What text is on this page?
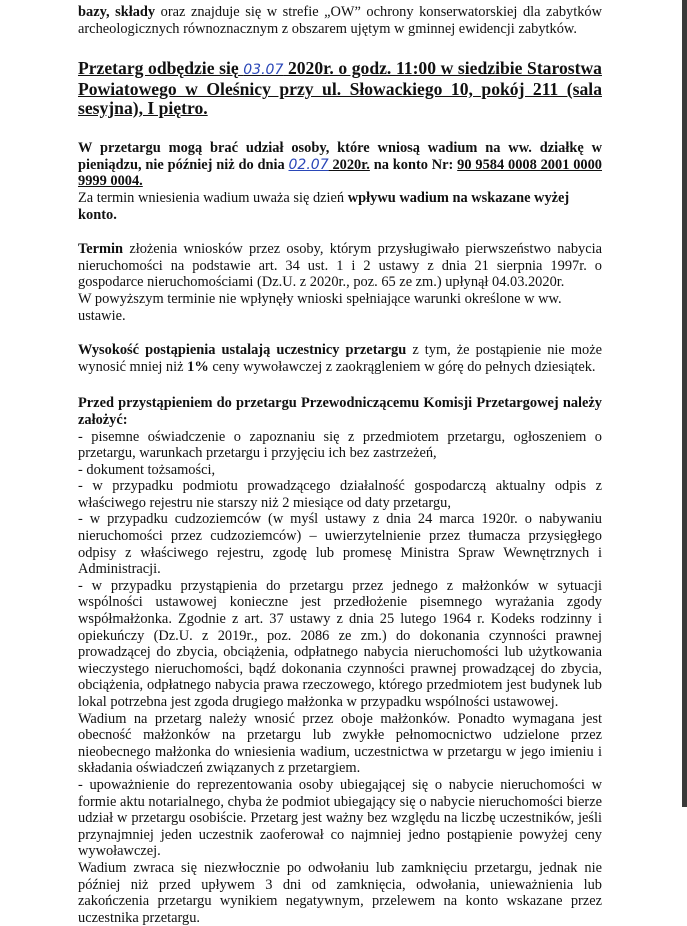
bazy, składy oraz znajduje się w strefie „OW” ochrony konserwatorskiej dla zabytków archeologicznych równoznacznym z obszarem ujętym w gminnej ewidencji zabytków.

Przetarg odbędzie się 03.07 2020r. o godz. 11:00 w siedzibie Starostwa Powiatowego w Oleśnicy przy ul. Słowackiego 10, pokój 211 (sala sesyjna), I piętro.

W przetargu mogą brać udział osoby, które wniosą wadium na ww. działkę w pieniądzu, nie później niż do dnia 02.07 2020r. na konto Nr: 90 9584 0008 2001 0000 9999 0004.

Za termin wniesienia wadium uważa się dzień wpływu wadium na wskazane wyżej konto.

Termin złożenia wniosków przez osoby, którym przysługiwało pierwszeństwo nabycia nieruchomości na podstawie art. 34 ust. 1 i 2 ustawy z dnia 21 sierpnia 1997r. o gospodarce nieruchomościami (Dz.U. z 2020r., poz. 65 ze zm.) upłynął 04.03.2020r.

W powyższym terminie nie wpłynęły wnioski spełniające warunki określone w ww. ustawie.

Wysokość postąpienia ustalają uczestnicy przetargu z tym, że postąpienie nie może wynosić mniej niż 1% ceny wywoławczej z zaokrągleniem w górę do pełnych dziesiątek.

Przed przystąpieniem do przetargu Przewodniczącemu Komisji Przetargowej należy założyć:

- pisemne oświadczenie o zapoznaniu się z przedmiotem przetargu, ogłoszeniem o przetargu, warunkach przetargu i przyjęciu ich bez zastrzeżeń,

- dokument tożsamości,

- w przypadku podmiotu prowadzącego działalność gospodarczą aktualny odpis z właściwego rejestru nie starszy niż 2 miesiące od daty przetargu,

- w przypadku cudzoziemców (w myśl ustawy z dnia 24 marca 1920r. o nabywaniu nieruchomości przez cudzoziemców) – uwierzytelnienie przez tłumacza przysięgłego odpisy z właściwego rejestru, zgodę lub promesę Ministra Spraw Wewnętrznych i Administracji.

- w przypadku przystąpienia do przetargu przez jednego z małżonków w sytuacji wspólności ustawowej konieczne jest przedłożenie pisemnego wyrażania zgody współmałżonka. Zgodnie z art. 37 ustawy z dnia 25 lutego 1964 r. Kodeks rodzinny i opiekuńczy (Dz.U. z 2019r., poz. 2086 ze zm.) do dokonania czynności prawnej prowadzącej do zbycia, obciążenia, odpłatnego nabycia nieruchomości lub użytkowania wieczystego nieruchomości, bądź dokonania czynności prawnej prowadzącej do zbycia, obciążenia, odpłatnego nabycia prawa rzeczowego, którego przedmiotem jest budynek lub lokal potrzebna jest zgoda drugiego małżonka w przypadku wspólności ustawowej.

Wadium na przetarg należy wnosić przez oboje małżonków. Ponadto wymagana jest obecność małżonków na przetargu lub zwykłe pełnomocnictwo udzielone przez nieobecnego małżonka do wniesienia wadium, uczestnictwa w przetargu w jego imieniu i składania oświadczeń związanych z przetargiem.

- upoważnienie do reprezentowania osoby ubiegającej się o nabycie nieruchomości w formie aktu notarialnego, chyba że podmiot ubiegający się o nabycie nieruchomości bierze udział w przetargu osobiście. Przetarg jest ważny bez względu na liczbę uczestników, jeśli przynajmniej jeden uczestnik zaoferował co najmniej jedno postąpienie powyżej ceny wywoławczej.

Wadium zwraca się niezwłocznie po odwołaniu lub zamknięciu przetargu, jednak nie później niż przed upływem 3 dni od zamknięcia, odwołania, unieważnienia lub zakończenia przetargu wynikiem negatywnym, przelewem na konto wskazane przez uczestnika przetargu.
